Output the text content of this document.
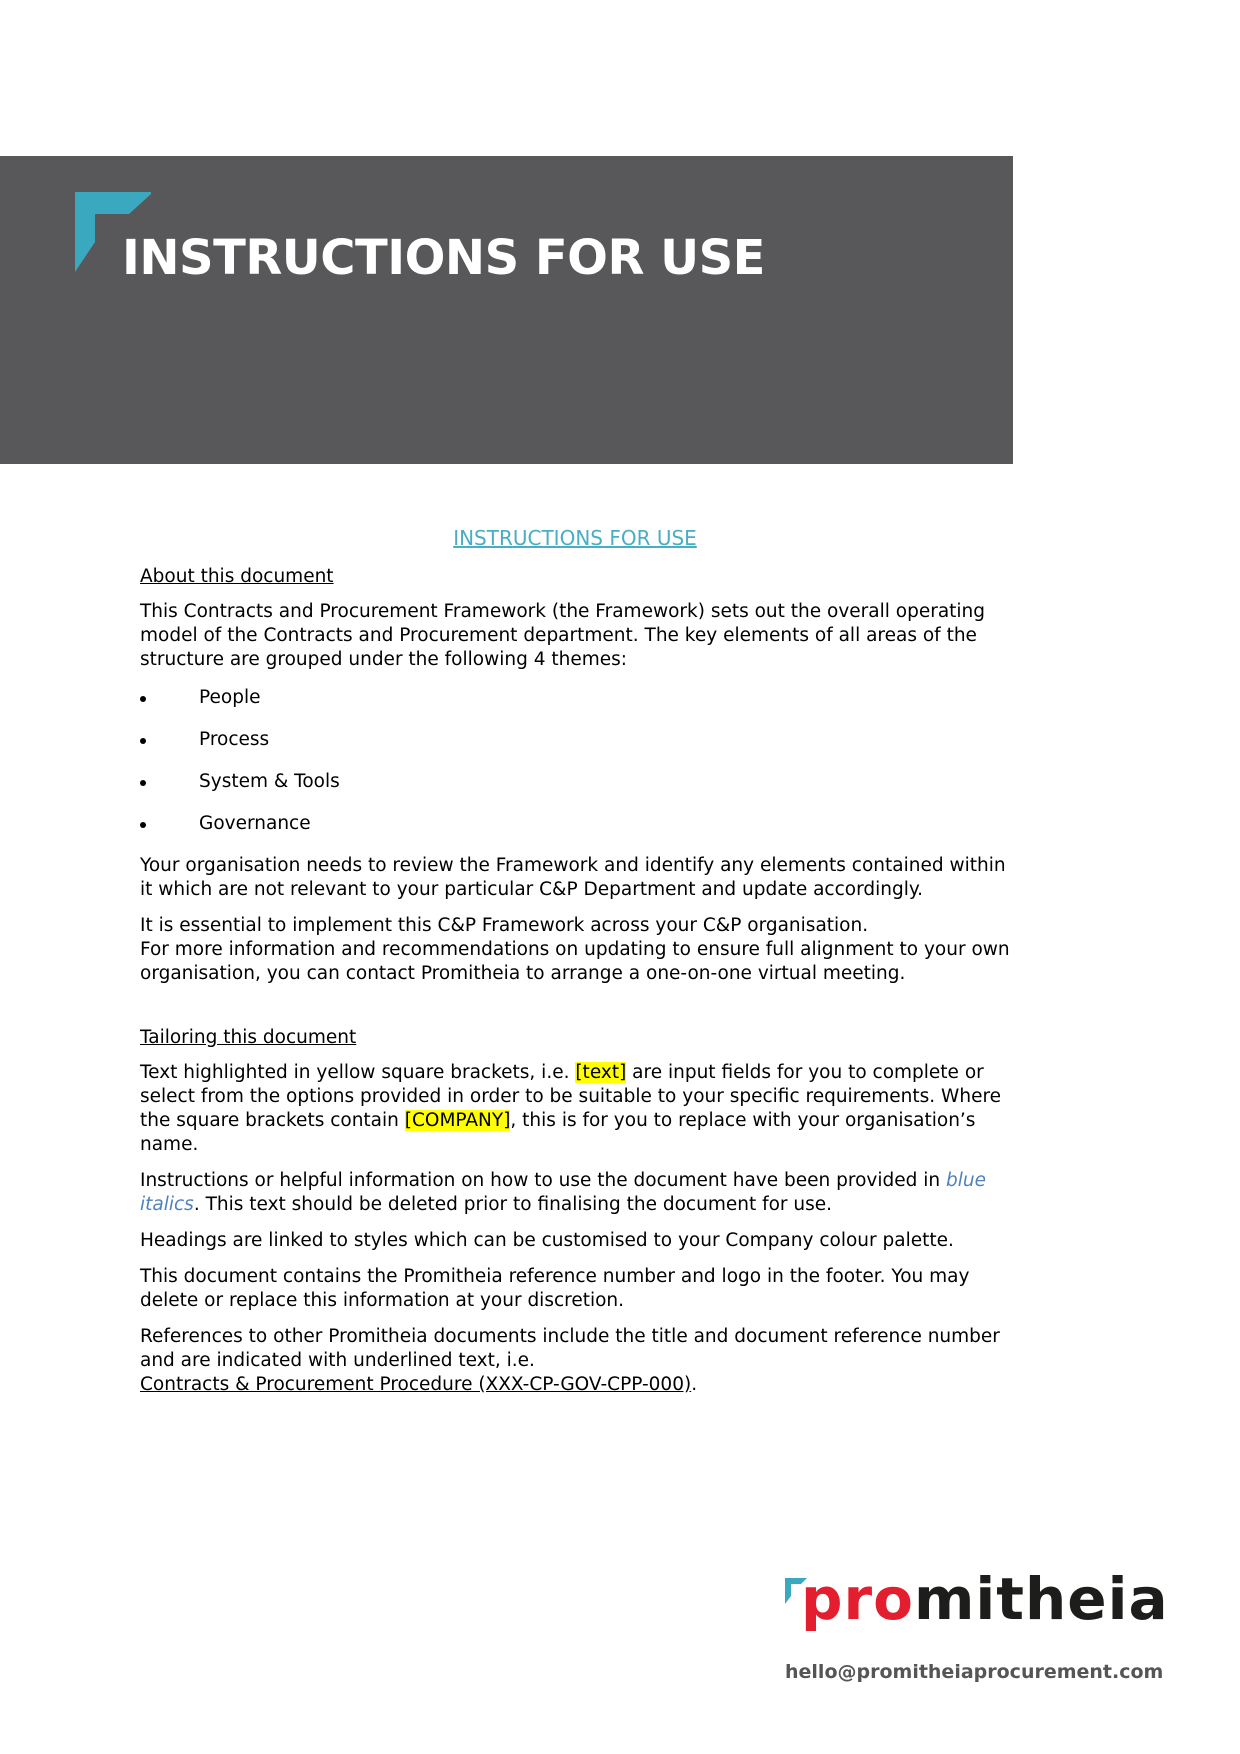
INSTRUCTIONS FOR USE

INSTRUCTIONS FOR USE

About this document

This Contracts and Procurement Framework (the Framework) sets out the overall operating model of the Contracts and Procurement department. The key elements of all areas of the structure are grouped under the following 4 themes:

People
Process
System & Tools
Governance

Your organisation needs to review the Framework and identify any elements contained within it which are not relevant to your particular C&P Department and update accordingly.

It is essential to implement this C&P Framework across your C&P organisation.
For more information and recommendations on updating to ensure full alignment to your own organisation, you can contact Promitheia to arrange a one-on-one virtual meeting.

Tailoring this document

Text highlighted in yellow square brackets, i.e. [text] are input fields for you to complete or select from the options provided in order to be suitable to your specific requirements. Where the square brackets contain [COMPANY], this is for you to replace with your organisation’s name.

Instructions or helpful information on how to use the document have been provided in blue italics. This text should be deleted prior to finalising the document for use.

Headings are linked to styles which can be customised to your Company colour palette.

This document contains the Promitheia reference number and logo in the footer. You may delete or replace this information at your discretion.

References to other Promitheia documents include the title and document reference number and are indicated with underlined text, i.e.
Contracts & Procurement Procedure (XXX-CP-GOV-CPP-000).

promitheia
hello@promitheiaprocurement.com
